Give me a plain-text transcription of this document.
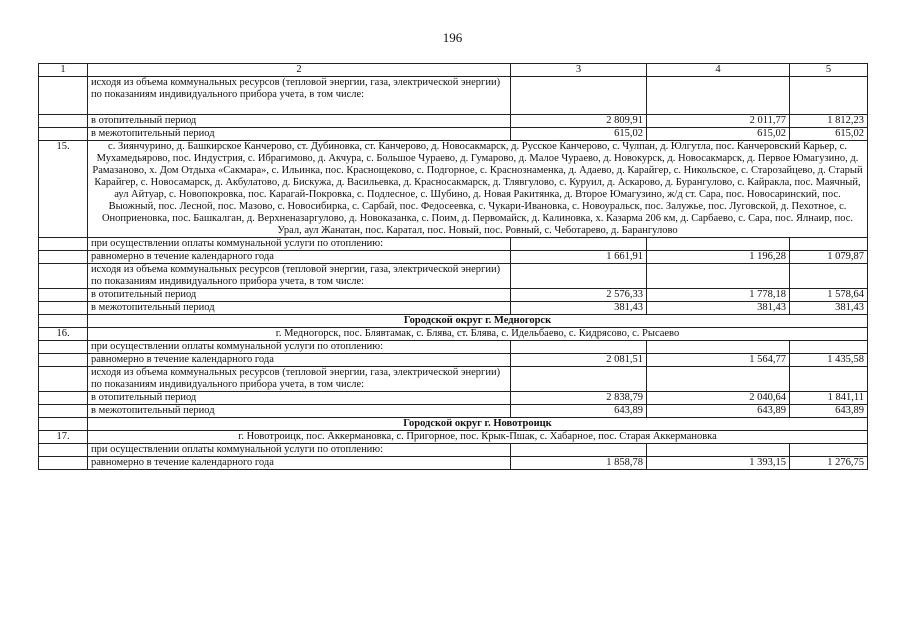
196
1	2	3	4	5
	исходя из объема коммунальных ресурсов (тепловой энергии, газа, электрической энергии) по показаниям индивидуального прибора учета, в том числе:			
	в отопительный период	2 809,91	2 011,77	1 812,23
	в межотопительный период	615,02	615,02	615,02
15.	с. Зиянчурино, д. Башкирское Канчерово, ст. Дубиновка, ст. Канчерово, д. Новосакмарск, д. Русское Канчерово, с. Чулпан, д. Юлгутла, пос. Канчеровский Карьер, с. Мухамедьярово, пос. Индустрия, с. Ибрагимово, д. Акчура, с. Большое Чураево, д. Гумарово, д. Малое Чураево, д. Новокурск, д. Новосакмарск, д. Первое Юмагузино, д. Рамазаново, х. Дом Отдыха «Сакмара», с. Ильинка, пос. Краснощеково, с. Подгорное, с. Краснознаменка, д. Адаево, д. Карайгер, с. Никольское, с. Старозайцево, д. Старый Карайгер, с. Новосамарск, д. Акбулатово, д. Бискужа, д. Васильевка, д. Красносакмарск, д. Тлявгулово, с. Куруил, д. Аскарово, д. Бурангулово, с. Кайракла, пос. Маячный, аул Айтуар, с. Новопокровка, пос. Карагай-Покровка, с. Подлесное, с. Шубино, д. Новая Ракитянка, д. Второе Юмагузино, ж/д ст. Сара, пос. Новосаринский, пос. Выожный, пос. Лесной, пос. Мазово, с. Новосибирка, с. Сарбай, пос. Федосеевка, с. Чукари-Ивановка, с. Новоуральск, пос. Залужье, пос. Луговской, д. Пехотное, с. Оноприеновка, пос. Башкалган, д. Верхненазаргулово, д. Новоказанка, с. Поим, д. Первомайск, д. Калиновка, х. Казарма 206 км, д. Сарбаево, с. Сара, пос. Ялнаир, пос. Урал, аул Жанатан, пос. Каратал, пос. Новый, пос. Ровный, с. Чеботарево, д. Барангулово			
	при осуществлении оплаты коммунальной услуги по отоплению:			
	равномерно в течение календарного года	1 661,91	1 196,28	1 079,87
	исходя из объема коммунальных ресурсов (тепловой энергии, газа, электрической энергии) по показаниям индивидуального прибора учета, в том числе:			
	в отопительный период	2 576,33	1 778,18	1 578,64
	в межотопительный период	381,43	381,43	381,43
	Городской округ г. Медногорск			
16.	г. Медногорск, пос. Блявтамак, с. Блява, ст. Блява, с. Идельбаево, с. Кидрясово, с. Рысаево			
	при осуществлении оплаты коммунальной услуги по отоплению:			
	равномерно в течение календарного года	2 081,51	1 564,77	1 435,58
	исходя из объема коммунальных ресурсов (тепловой энергии, газа, электрической энергии) по показаниям индивидуального прибора учета, в том числе:			
	в отопительный период	2 838,79	2 040,64	1 841,11
	в межотопительный период	643,89	643,89	643,89
	Городской округ г. Новотроицк			
17.	г. Новотроицк, пос. Аккермановка, с. Пригорное, пос. Крык-Пшак, с. Хабарное, пос. Старая Аккермановка			
	при осуществлении оплаты коммунальной услуги по отоплению:			
	равномерно в течение календарного года	1 858,78	1 393,15	1 276,75
